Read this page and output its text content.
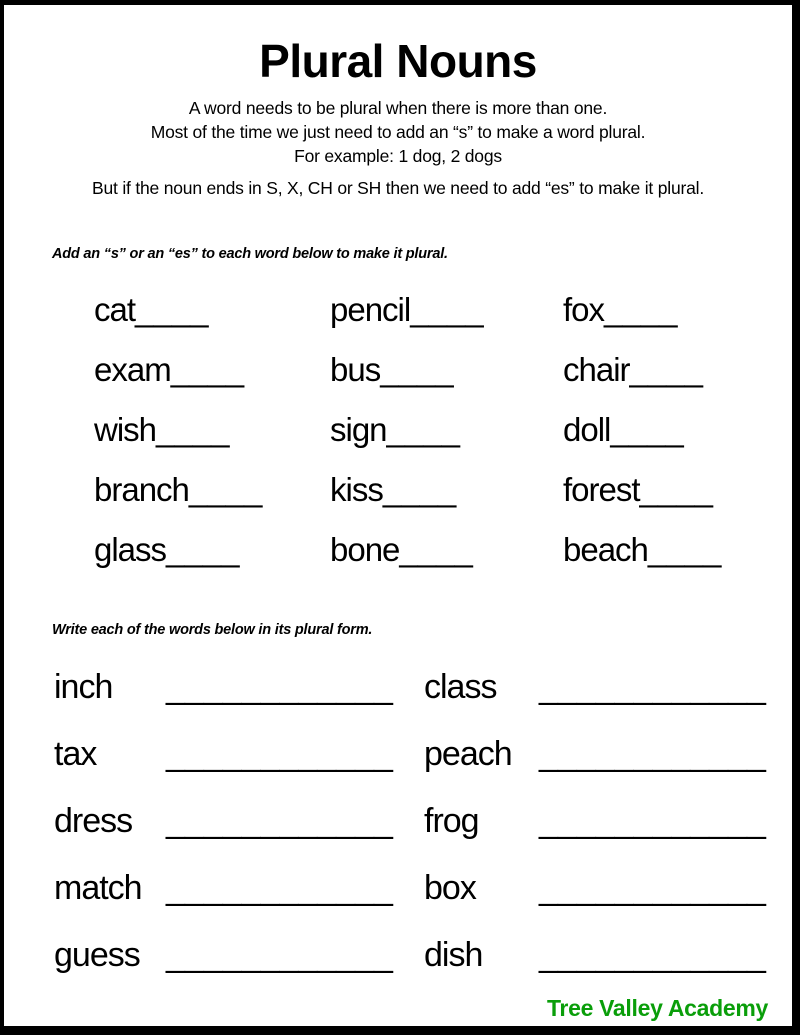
Plural Nouns
A word needs to be plural when there is more than one.
Most of the time we just need to add an “s” to make a word plural.
For example: 1 dog, 2 dogs
But if the noun ends in S, X, CH or SH then we need to add “es” to make it plural.
Add an “s” or an “es” to each word below to make it plural.
cat____	pencil____	fox____
exam____	bus____	chair____
wish____	sign____	doll____
branch____	kiss____	forest____
glass____	bone____	beach____
Write each of the words below in its plural form.
inch	____________ class	____________
tax	____________ peach ____________
dress ____________ frog	____________
match ____________ box	____________
guess ____________ dish	____________
Tree Valley Academy
